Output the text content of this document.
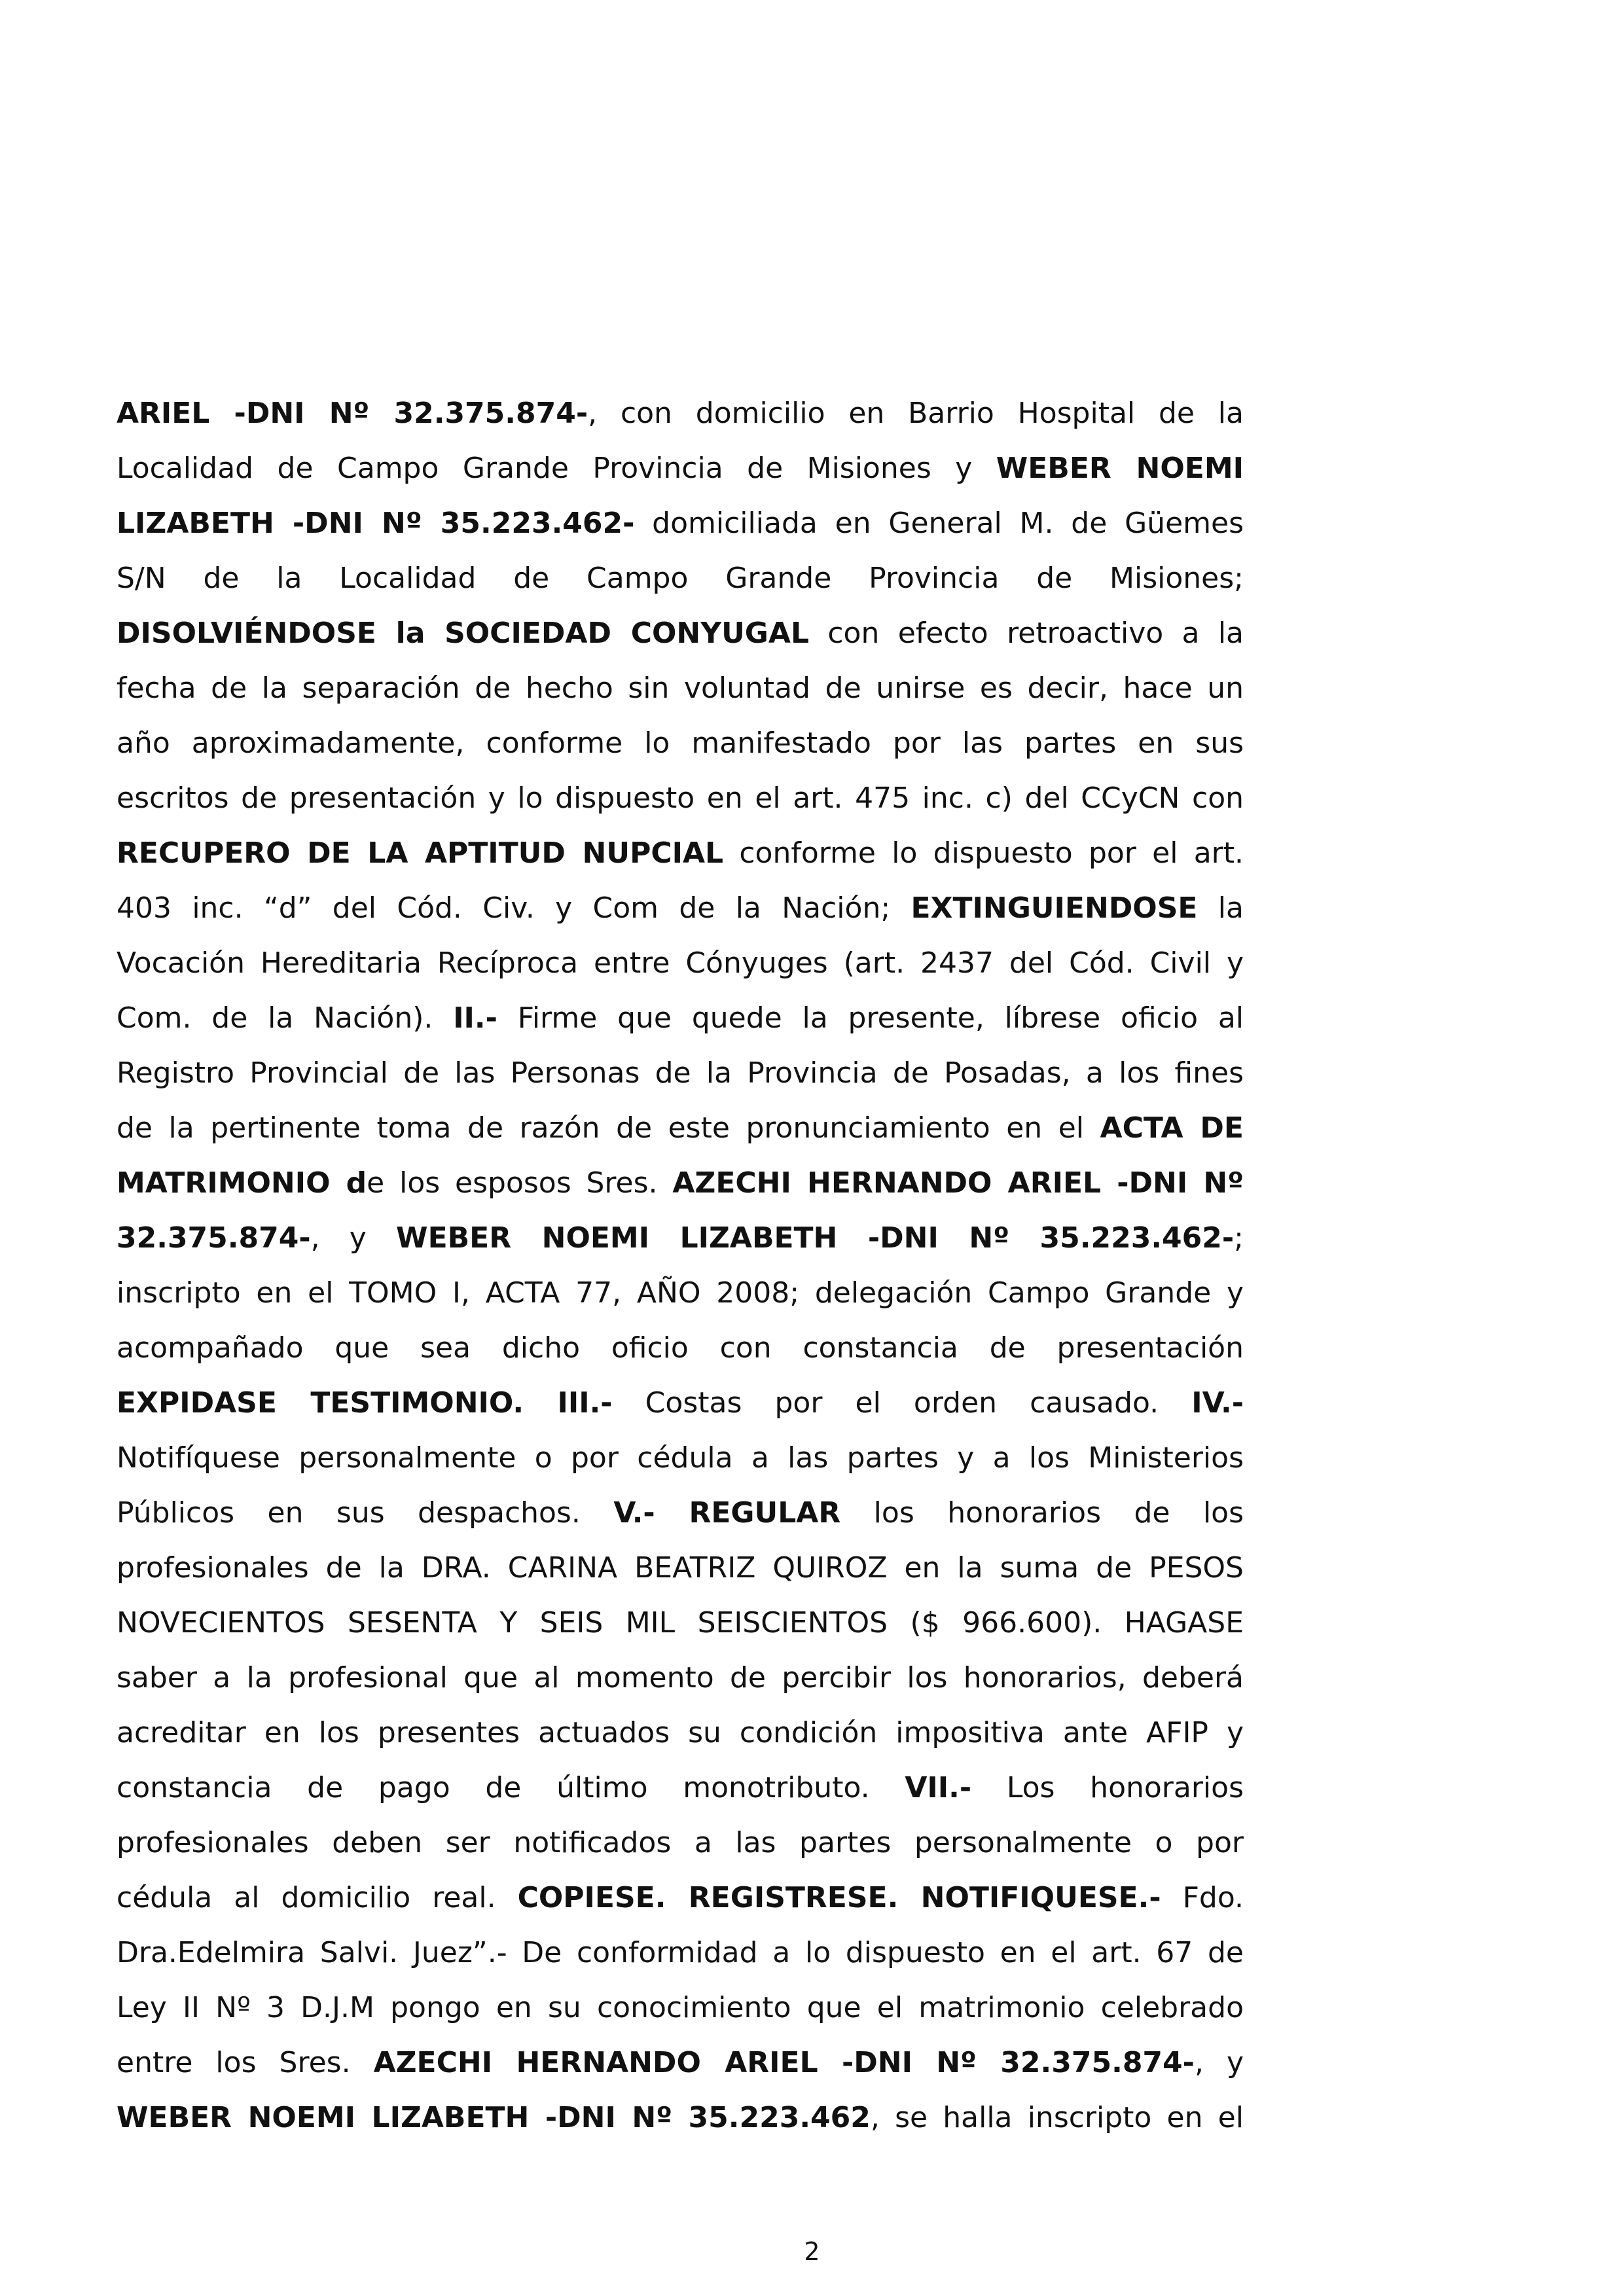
ARIEL -DNI Nº 32.375.874-, con domicilio en Barrio Hospital de la
Localidad de Campo Grande Provincia de Misiones y WEBER NOEMI
LIZABETH -DNI Nº 35.223.462- domiciliada en General M. de Güemes
S/N de la Localidad de Campo Grande Provincia de Misiones;
DISOLVIÉNDOSE la SOCIEDAD CONYUGAL con efecto retroactivo a la
fecha de la separación de hecho sin voluntad de unirse es decir, hace un
año aproximadamente, conforme lo manifestado por las partes en sus
escritos de presentación y lo dispuesto en el art. 475 inc. c) del CCyCN con
RECUPERO DE LA APTITUD NUPCIAL conforme lo dispuesto por el art.
403 inc. “d” del Cód. Civ. y Com de la Nación; EXTINGUIENDOSE la
Vocación Hereditaria Recíproca entre Cónyuges (art. 2437 del Cód. Civil y
Com. de la Nación). II.- Firme que quede la presente, líbrese oficio al
Registro Provincial de las Personas de la Provincia de Posadas, a los fines
de la pertinente toma de razón de este pronunciamiento en el ACTA DE
MATRIMONIO de los esposos Sres. AZECHI HERNANDO ARIEL -DNI Nº
32.375.874-, y WEBER NOEMI LIZABETH -DNI Nº 35.223.462-;
inscripto en el TOMO I, ACTA 77, AÑO 2008; delegación Campo Grande y
acompañado que sea dicho oficio con constancia de presentación
EXPIDASE TESTIMONIO. III.- Costas por el orden causado. IV.-
Notifíquese personalmente o por cédula a las partes y a los Ministerios
Públicos en sus despachos. V.- REGULAR los honorarios de los
profesionales de la DRA. CARINA BEATRIZ QUIROZ en la suma de PESOS
NOVECIENTOS SESENTA Y SEIS MIL SEISCIENTOS ($ 966.600). HAGASE
saber a la profesional que al momento de percibir los honorarios, deberá
acreditar en los presentes actuados su condición impositiva ante AFIP y
constancia de pago de último monotributo. VII.- Los honorarios
profesionales deben ser notificados a las partes personalmente o por
cédula al domicilio real. COPIESE. REGISTRESE. NOTIFIQUESE.- Fdo.
Dra.Edelmira Salvi. Juez”.- De conformidad a lo dispuesto en el art. 67 de
Ley II Nº 3 D.J.M pongo en su conocimiento que el matrimonio celebrado
entre los Sres. AZECHI HERNANDO ARIEL -DNI Nº 32.375.874-, y
WEBER NOEMI LIZABETH -DNI Nº 35.223.462, se halla inscripto en el
2
